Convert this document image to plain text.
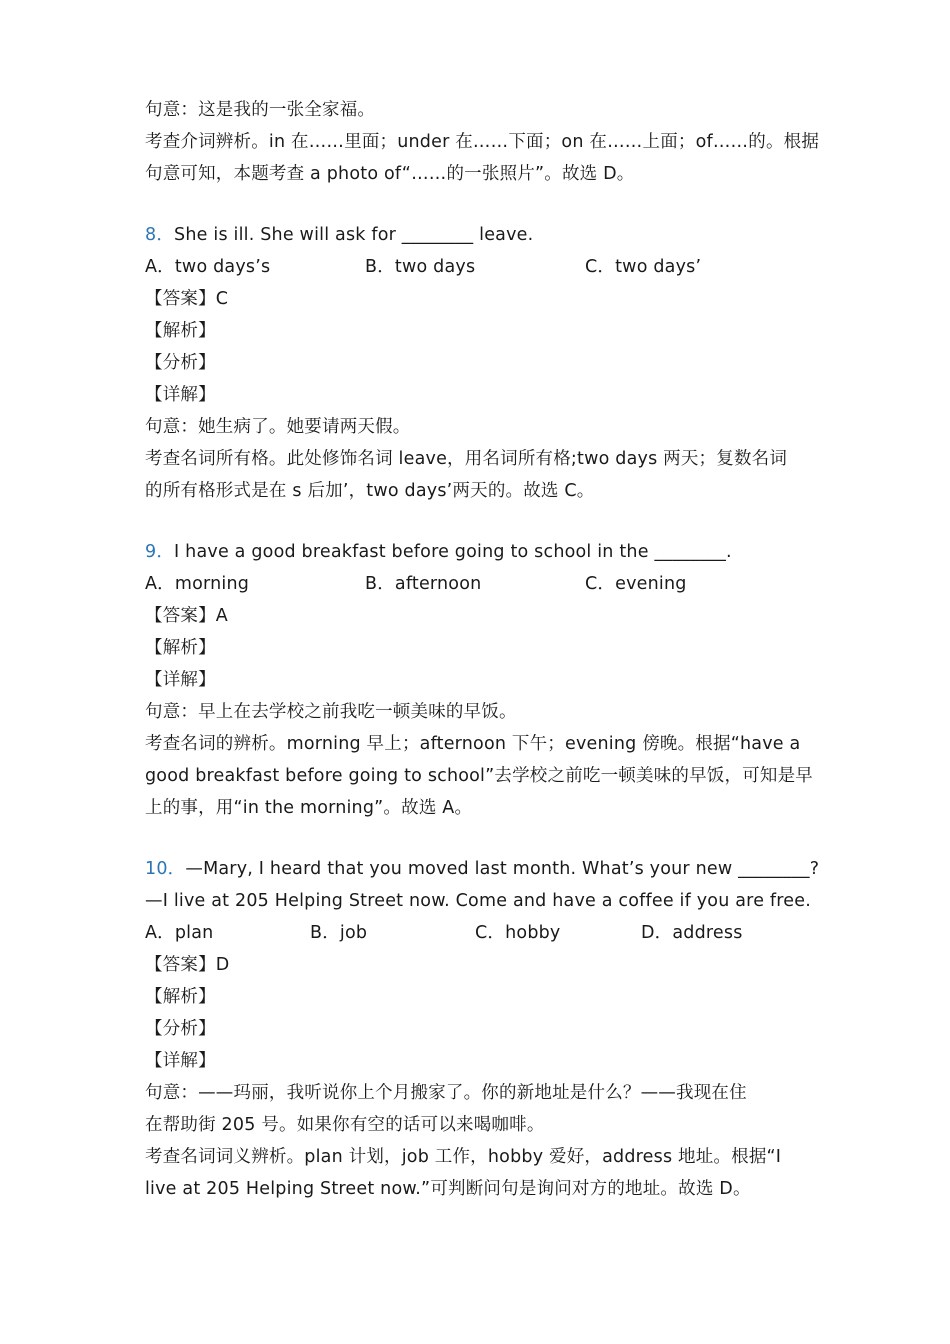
句意：这是我的一张全家福。
考查介词辨析。in 在……里面；under 在……下面；on 在……上面；of……的。根据
句意可知，本题考查 a photo of“……的一张照片”。故选 D。
8．She is ill. She will ask for ________ leave.
A．two days’s	B．two days	C．two days’
【答案】C
【解析】
【分析】
【详解】
句意：她生病了。她要请两天假。
考查名词所有格。此处修饰名词 leave，用名词所有格;two days 两天；复数名词
的所有格形式是在 s 后加’，two days’两天的。故选 C。
9．I have a good breakfast before going to school in the ________.
A．morning	B．afternoon	C．evening
【答案】A
【解析】
【详解】
句意：早上在去学校之前我吃一顿美味的早饭。
考查名词的辨析。morning 早上；afternoon 下午；evening 傍晚。根据“have a
good breakfast before going to school”去学校之前吃一顿美味的早饭，可知是早
上的事，用“in the morning”。故选 A。
10．—Mary, I heard that you moved last month. What’s your new ________?
—I live at 205 Helping Street now. Come and have a coffee if you are free.
A．plan	B．job	C．hobby	D．address
【答案】D
【解析】
【分析】
【详解】
句意：——玛丽，我听说你上个月搬家了。你的新地址是什么？——我现在住
在帮助街 205 号。如果你有空的话可以来喝咖啡。
考查名词词义辨析。plan 计划，job 工作，hobby 爱好，address 地址。根据“I
live at 205 Helping Street now.”可判断问句是询问对方的地址。故选 D。
